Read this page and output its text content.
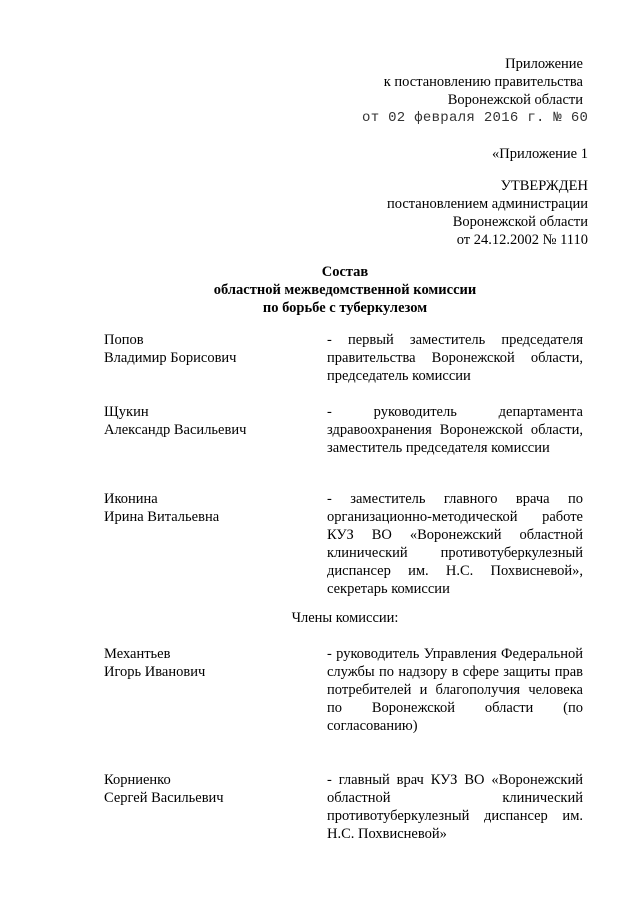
Приложение
к постановлению правительства
Воронежской области
от 02 февраля 2016 г. № 60
«Приложение 1
УТВЕРЖДЕН
постановлением администрации
Воронежской области
от 24.12.2002 № 1110
Состав
областной межведомственной комиссии
по борьбе с туберкулезом
Попов
Владимир Борисович
- первый заместитель председателя правительства Воронежской области, председатель комиссии
Щукин
Александр Васильевич
- руководитель департамента здравоохранения Воронежской области, заместитель председателя комиссии
Иконина
Ирина Витальевна
- заместитель главного врача по организационно-методической работе КУЗ ВО «Воронежский областной клинический противотуберкулезный диспансер им. Н.С. Похвисневой», секретарь комиссии
Члены комиссии:
Механтьев
Игорь Иванович
- руководитель Управления Федеральной службы по надзору в сфере защиты прав потребителей и благополучия человека по Воронежской области (по согласованию)
Корниенко
Сергей Васильевич
- главный врач КУЗ ВО «Воронежский областной клинический противотуберкулезный диспансер им. Н.С. Похвисневой»
